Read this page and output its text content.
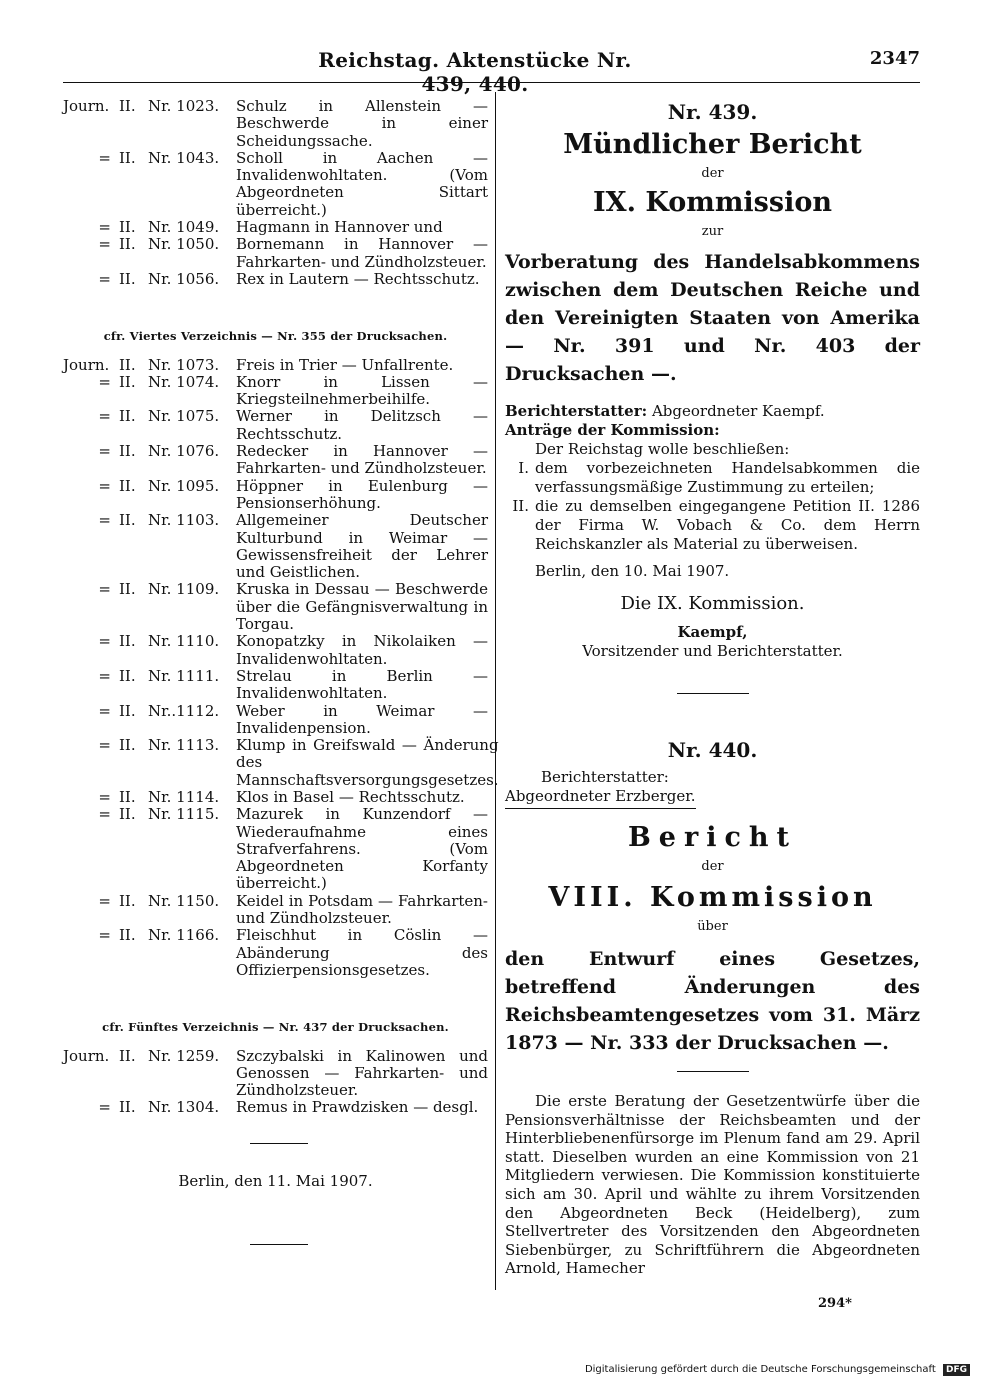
Reichstag. Aktenstücke Nr. 439, 440.
2347
Journ. II. Nr. 1023.	Schulz in Allenstein — Beschwerde in einer Scheidungssache.
= II. Nr. 1043.	Scholl in Aachen — Invalidenwohltaten. (Vom Abgeordneten Sittart überreicht.)
= II. Nr. 1049.	Hagmann in Hannover und
= II. Nr. 1050.	Bornemann in Hannover — Fahrkarten- und Zündholzsteuer.
= II. Nr. 1056.	Rex in Lautern — Rechtsschutz.
cfr. Viertes Verzeichnis — Nr. 355 der Drucksachen.
Journ. II. Nr. 1073.	Freis in Trier — Unfallrente.
= II. Nr. 1074.	Knorr in Lissen — Kriegsteilnehmerbeihilfe.
= II. Nr. 1075.	Werner in Delitzsch — Rechtsschutz.
= II. Nr. 1076.	Redecker in Hannover — Fahrkarten- und Zündholzsteuer.
= II. Nr. 1095.	Höppner in Eulenburg — Pensionserhöhung.
= II. Nr. 1103.	Allgemeiner Deutscher Kulturbund in Weimar — Gewissensfreiheit der Lehrer und Geistlichen.
= II. Nr. 1109.	Kruska in Dessau — Beschwerde über die Gefängnisverwaltung in Torgau.
= II. Nr. 1110.	Konopatzky in Nikolaiken — Invalidenwohltaten.
= II. Nr. 1111.	Strelau in Berlin — Invalidenwohltaten.
= II. Nr..1112.	Weber in Weimar — Invalidenpension.
= II. Nr. 1113.	Klump in Greifswald — Änderung des Mannschaftsversorgungsgesetzes.
= II. Nr. 1114.	Klos in Basel — Rechtsschutz.
= II. Nr. 1115.	Mazurek in Kunzendorf — Wiederaufnahme eines Strafverfahrens. (Vom Abgeordneten Korfanty überreicht.)
= II. Nr. 1150.	Keidel in Potsdam — Fahrkarten- und Zündholzsteuer.
= II. Nr. 1166.	Fleischhut in Cöslin — Abänderung des Offizierpensionsgesetzes.
cfr. Fünftes Verzeichnis — Nr. 437 der Drucksachen.
Journ. II. Nr. 1259.	Szczybalski in Kalinowen und Genossen — Fahrkarten- und Zündholzsteuer.
= II. Nr. 1304.	Remus in Prawdzisken — desgl.
Berlin, den 11. Mai 1907.
Nr. 439.
Mündlicher Bericht
der
IX. Kommission
zur
Vorberatung des Handelsabkommens zwischen dem Deutschen Reiche und den Vereinigten Staaten von Amerika — Nr. 391 und Nr. 403 der Drucksachen —.
Berichterstatter: Abgeordneter Kaempf.
Anträge der Kommission:
Der Reichstag wolle beschließen:
I. dem vorbezeichneten Handelsabkommen die verfassungsmäßige Zustimmung zu erteilen;
II. die zu demselben eingegangene Petition II. 1286 der Firma W. Vobach & Co. dem Herrn Reichskanzler als Material zu überweisen.
Berlin, den 10. Mai 1907.
Die IX. Kommission.
Kaempf,
Vorsitzender und Berichterstatter.
Nr. 440.
Berichterstatter:
Abgeordneter Erzberger.
Bericht
der
VIII. Kommission
über
den Entwurf eines Gesetzes, betreffend Änderungen des Reichsbeamtengesetzes vom 31. März 1873 — Nr. 333 der Drucksachen —.
Die erste Beratung der Gesetzentwürfe über die Pensionsverhältnisse der Reichsbeamten und der Hinterbliebenenfürsorge im Plenum fand am 29. April statt. Dieselben wurden an eine Kommission von 21 Mitgliedern verwiesen. Die Kommission konstituierte sich am 30. April und wählte zu ihrem Vorsitzenden den Abgeordneten Beck (Heidelberg), zum Stellvertreter des Vorsitzenden den Abgeordneten Siebenbürger, zu Schriftführern die Abgeordneten Arnold, Hamecher
294*
Digitalisierung gefördert durch die Deutsche Forschungsgemeinschaft DFG
